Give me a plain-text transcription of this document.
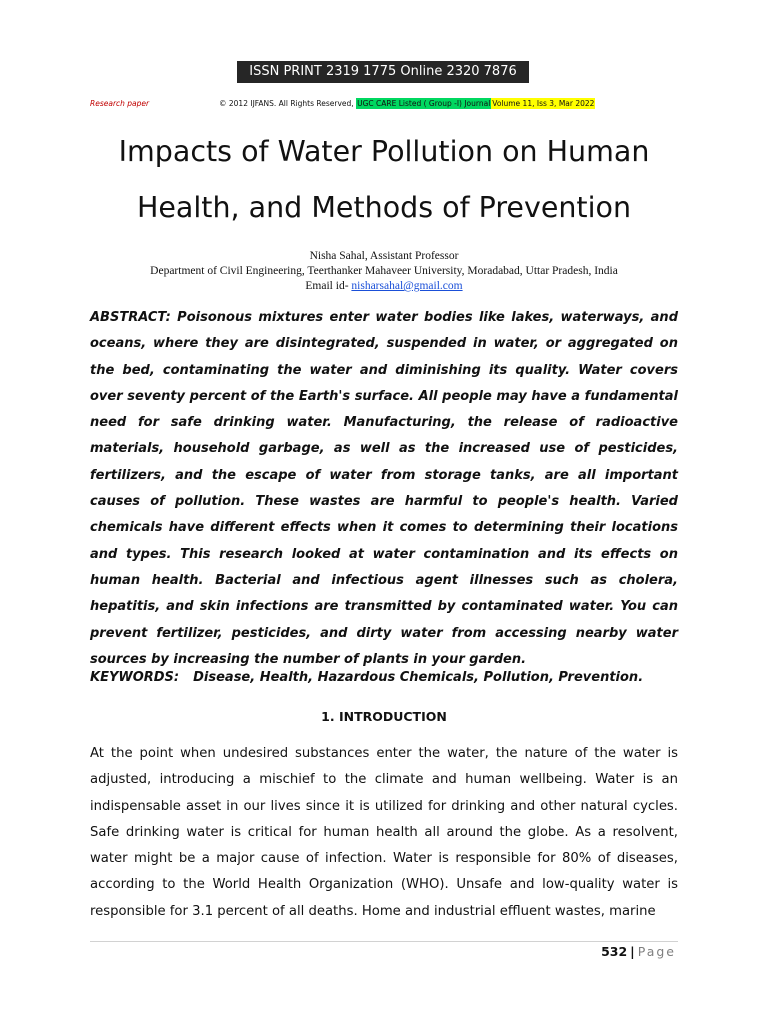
ISSN PRINT 2319 1775 Online 2320 7876
Research paper	© 2012 IJFANS. All Rights Reserved, UGC CARE Listed ( Group -I) Journal Volume 11, Iss 3, Mar 2022
Impacts of Water Pollution on Human
Health, and Methods of Prevention
Nisha Sahal, Assistant Professor
Department of Civil Engineering, Teerthanker Mahaveer University, Moradabad, Uttar Pradesh, India
Email id- nisharsahal@gmail.com
ABSTRACT: Poisonous mixtures enter water bodies like lakes, waterways, and oceans, where they are disintegrated, suspended in water, or aggregated on the bed, contaminating the water and diminishing its quality. Water covers over seventy percent of the Earth's surface. All people may have a fundamental need for safe drinking water. Manufacturing, the release of radioactive materials, household garbage, as well as the increased use of pesticides, fertilizers, and the escape of water from storage tanks, are all important causes of pollution. These wastes are harmful to people's health. Varied chemicals have different effects when it comes to determining their locations and types. This research looked at water contamination and its effects on human health. Bacterial and infectious agent illnesses such as cholera, hepatitis, and skin infections are transmitted by contaminated water. You can prevent fertilizer, pesticides, and dirty water from accessing nearby water sources by increasing the number of plants in your garden.
KEYWORDS: Disease, Health, Hazardous Chemicals, Pollution, Prevention.
1. INTRODUCTION
At the point when undesired substances enter the water, the nature of the water is adjusted, introducing a mischief to the climate and human wellbeing. Water is an indispensable asset in our lives since it is utilized for drinking and other natural cycles. Safe drinking water is critical for human health all around the globe. As a resolvent, water might be a major cause of infection. Water is responsible for 80% of diseases, according to the World Health Organization (WHO). Unsafe and low-quality water is responsible for 3.1 percent of all deaths. Home and industrial effluent wastes, marine
532 | Page
